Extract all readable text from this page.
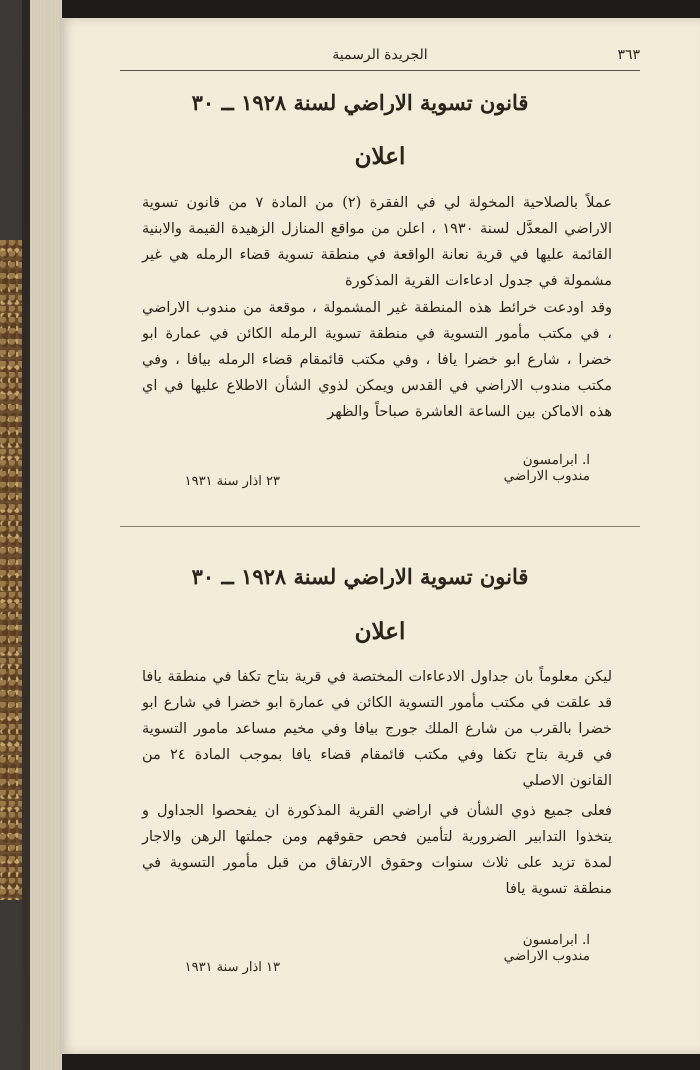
٣٦٣
الجريدة الرسمية
قانون تسوية الاراضي لسنة ١٩٢٨ ــ ٣٠
اعلان
عملاً بالصلاحية المخولة لي في الفقرة (٢) من المادة ٧ من قانون تسوية الاراضي المعدَّل لسنة ١٩٣٠ ، اعلن من مواقع المنازل الزهيدة القيمة والابنية القائمة عليها في قرية نعانة الواقعة في منطقة تسوية قضاء الرمله هي غير مشمولة في جدول ادعاءات القرية المذكورة
وقد اودعت خرائط هذه المنطقة غير المشمولة ، موقعة من مندوب الاراضي ، في مكتب مأمور التسوية في منطقة تسوية الرمله الكائن في عمارة ابو خضرا ، شارع ابو خضرا يافا ، وفي مكتب قائمقام قضاء الرمله بيافا ، وفي مكتب مندوب الاراضي في القدس ويمكن لذوي الشأن الاطلاع عليها في اي هذه الاماكن بين الساعة العاشرة صباحاً والظهر
ا. ابرامسون
مندوب الاراضي
٢٣ اذار سنة ١٩٣١
قانون تسوية الاراضي لسنة ١٩٢٨ ــ ٣٠
اعلان
ليكن معلوماً بان جداول الادعاءات المختصة في قرية بتاح تكفا في منطقة يافا قد علقت في مكتب مأمور التسوية الكائن في عمارة ابو خضرا في شارع ابو خضرا بالقرب من شارع الملك جورج بيافا وفي مخيم مساعد مامور التسوية في قرية بتاح تكفا وفي مكتب قائمقام قضاء يافا بموجب المادة ٢٤ من القانون الاصلي
فعلى جميع ذوي الشأن في اراضي القرية المذكورة ان يفحصوا الجداول و يتخذوا التدابير الضرورية لتأمين فحص حقوقهم ومن جملتها الرهن والاجار لمدة تزيد على ثلاث سنوات وحقوق الارتفاق من قبل مأمور التسوية في منطقة تسوية يافا
ا. ابرامسون
مندوب الاراضي
١٣ اذار سنة ١٩٣١
